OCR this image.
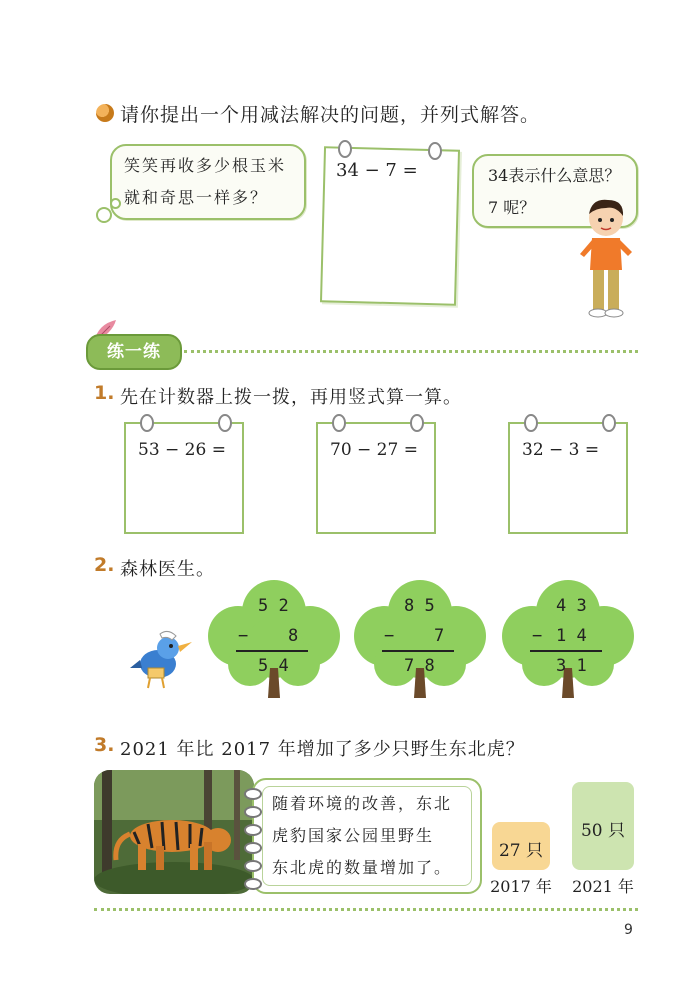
请你提出一个用减法解决的问题，并列式解答。
笑笑再收多少根玉米
就和奇思一样多？
34 − 7 =	34表示什么意思？
7 呢？
练一练
1. 先在计数器上拨一拨，再用竖式算一算。
53 − 26 =	70 − 27 =	32 − 3 =
2. 森林医生。
5 2
− 8
5 4
8 5
− 7
7 8
4 3
− 1 4
3 1
3. 2021 年比 2017 年增加了多少只野生东北虎？
随着环境的改善，东北
虎豹国家公园里野生
东北虎的数量增加了。
27 只
2017 年
50 只
2021 年
9
